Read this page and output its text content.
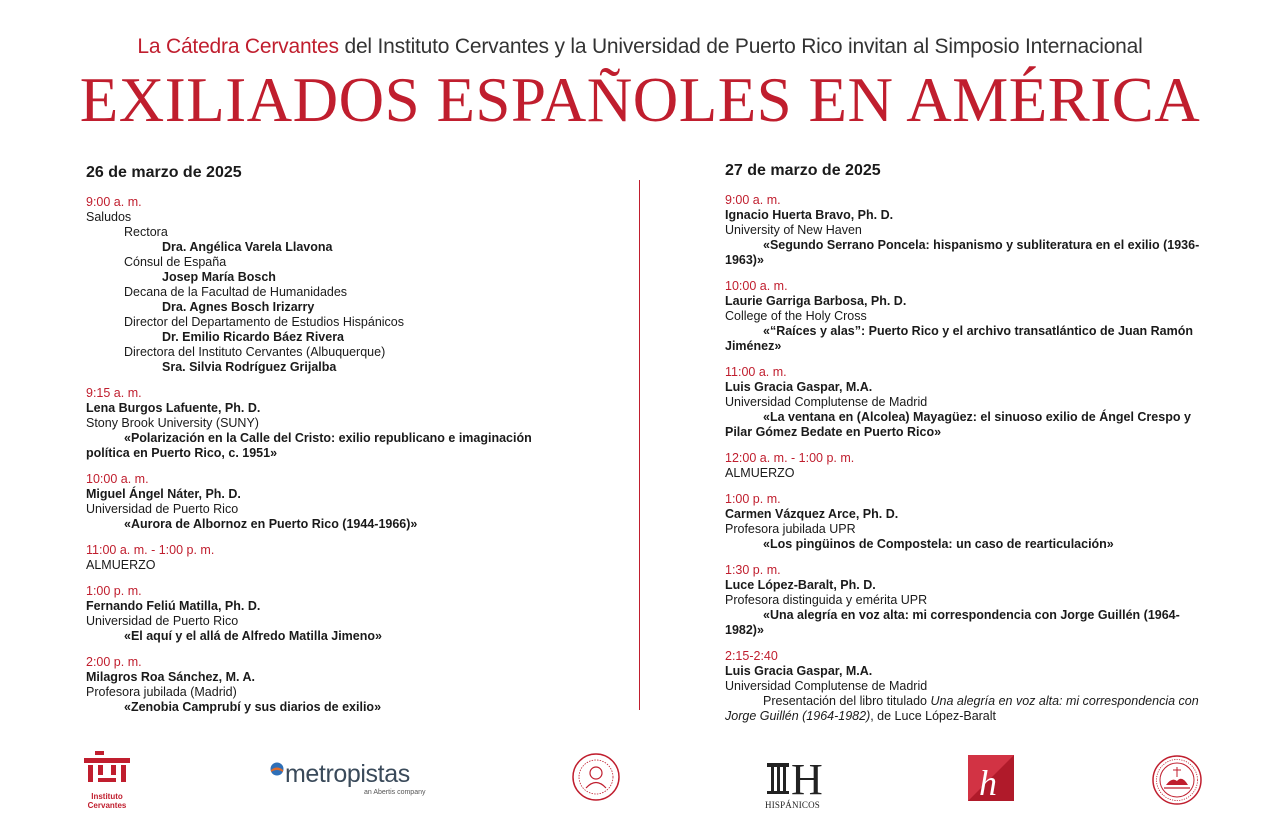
La Cátedra Cervantes del Instituto Cervantes y la Universidad de Puerto Rico invitan al Simposio Internacional
EXILIADOS ESPAÑOLES EN AMÉRICA
26 de marzo de 2025
9:00 a. m.
Saludos
Rectora
Dra. Angélica Varela Llavona
Cónsul de España
Josep María Bosch
Decana de la Facultad de Humanidades
Dra. Agnes Bosch Irizarry
Director del Departamento de Estudios Hispánicos
Dr. Emilio Ricardo Báez Rivera
Directora del Instituto Cervantes (Albuquerque)
Sra. Silvia Rodríguez Grijalba
9:15 a. m.
Lena Burgos Lafuente, Ph. D.
Stony Brook University (SUNY)
«Polarización en la Calle del Cristo: exilio republicano e imaginación política en Puerto Rico, c. 1951»
10:00 a. m.
Miguel Ángel Náter, Ph. D.
Universidad de Puerto Rico
«Aurora de Albornoz en Puerto Rico (1944-1966)»
11:00 a. m. - 1:00 p. m.
ALMUERZO
1:00 p. m.
Fernando Feliú Matilla, Ph. D.
Universidad de Puerto Rico
«El aquí y el allá de Alfredo Matilla Jimeno»
2:00 p. m.
Milagros Roa Sánchez, M. A.
Profesora jubilada (Madrid)
«Zenobia Camprubí y sus diarios de exilio»
27 de marzo de 2025
9:00 a. m.
Ignacio Huerta Bravo, Ph. D.
University of New Haven
«Segundo Serrano Poncela: hispanismo y subliteratura en el exilio (1936-1963)»
10:00 a. m.
Laurie Garriga Barbosa, Ph. D.
College of the Holy Cross
«“Raíces y alas”: Puerto Rico y el archivo transatlántico de Juan Ramón Jiménez»
11:00 a. m.
Luis Gracia Gaspar, M.A.
Universidad Complutense de Madrid
«La ventana en (Alcolea) Mayagüez: el sinuoso exilio de Ángel Crespo y Pilar Gómez Bedate en Puerto Rico»
12:00 a. m. - 1:00 p. m.
ALMUERZO
1:00 p. m.
Carmen Vázquez Arce, Ph. D.
Profesora jubilada UPR
«Los pingüinos de Compostela: un caso de rearticulación»
1:30 p. m.
Luce López-Baralt, Ph. D.
Profesora distinguida y emérita UPR
«Una alegría en voz alta: mi correspondencia con Jorge Guillén (1964-1982)»
2:15-2:40
Luis Gracia Gaspar, M.A.
Universidad Complutense de Madrid
Presentación del libro titulado Una alegría en voz alta: mi correspondencia con Jorge Guillén (1964-1982), de Luce López-Baralt
Instituto
Cervantes
metropistas
an Abertis company	H
HISPÁNICOS
h
